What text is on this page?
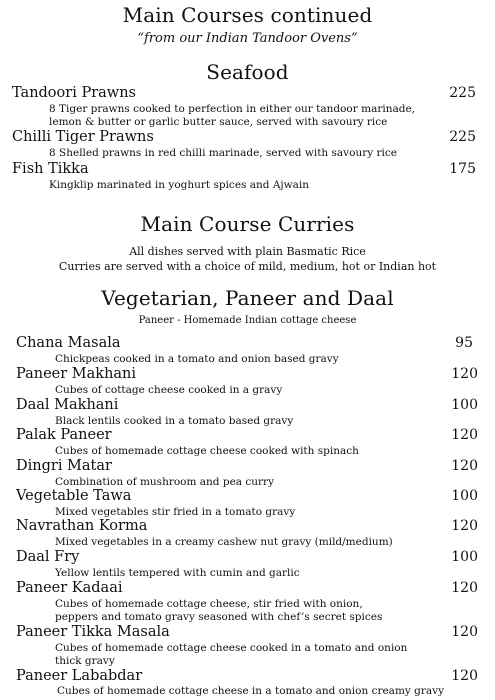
Main Courses continued
“from our Indian Tandoor Ovens”
Seafood
Tandoori Prawns	225
8 Tiger prawns cooked to perfection in either our tandoor marinade,
lemon & butter or garlic butter sauce, served with savoury rice
Chilli Tiger Prawns	225
8 Shelled prawns in red chilli marinade, served with savoury rice
Fish Tikka	175
Kingklip marinated in yoghurt spices and Ajwain
Main Course Curries
All dishes served with plain Basmatic Rice
Curries are served with a choice of mild, medium, hot or Indian hot
Vegetarian, Paneer and Daal
Paneer - Homemade Indian cottage cheese
Chana Masala	95
Chickpeas cooked in a tomato and onion based gravy
Paneer Makhani	120
Cubes of cottage cheese cooked in a gravy
Daal Makhani	100
Black lentils cooked in a tomato based gravy
Palak Paneer	120
Cubes of homemade cottage cheese cooked with spinach
Dingri Matar	120
Combination of mushroom and pea curry
Vegetable Tawa	100
Mixed vegetables stir fried in a tomato gravy
Navrathan Korma	120
Mixed vegetables in a creamy cashew nut gravy (mild/medium)
Daal Fry	100
Yellow lentils tempered with cumin and garlic
Paneer Kadaai	120
Cubes of homemade cottage cheese, stir fried with onion,
peppers and tomato gravy seasoned with chef’s secret spices
Paneer Tikka Masala	120
Cubes of homemade cottage cheese cooked in a tomato and onion
thick gravy
Paneer Lababdar	120
Cubes of homemade cottage cheese in a tomato and onion creamy gravy
